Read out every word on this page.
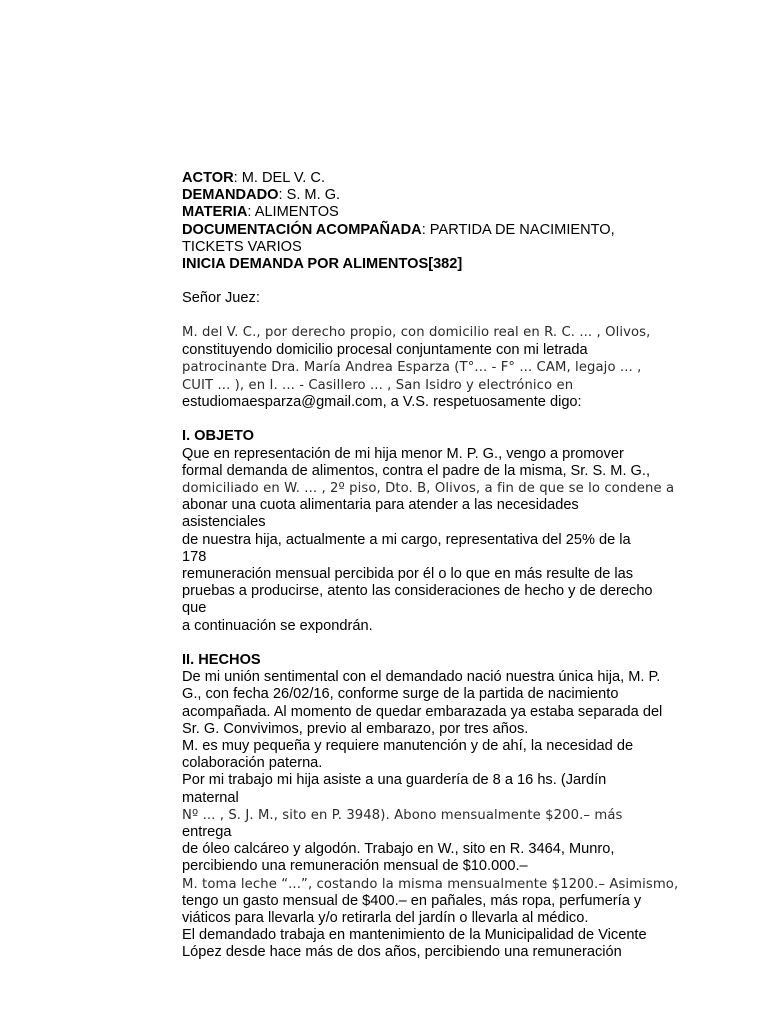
ACTOR: M. DEL V. C.
DEMANDADO: S. M. G.
MATERIA: ALIMENTOS
DOCUMENTACIÓN ACOMPAÑADA: PARTIDA DE NACIMIENTO,
TICKETS VARIOS
INICIA DEMANDA POR ALIMENTOS[382]
Señor Juez:
M. del V. C., por derecho propio, con domicilio real en R. C. ... , Olivos,
constituyendo domicilio procesal conjuntamente con mi letrada
patrocinante Dra. María Andrea Esparza (T°... - F° ... CAM, legajo ... ,
CUIT ... ), en I. ... - Casillero ... , San Isidro y electrónico en
estudiomaesparza@gmail.com, a V.S. respetuosamente digo:
I. OBJETO
Que en representación de mi hija menor M. P. G., vengo a promover
formal demanda de alimentos, contra el padre de la misma, Sr. S. M. G.,
domiciliado en W. ... , 2º piso, Dto. B, Olivos, a fin de que se lo condene a
abonar una cuota alimentaria para atender a las necesidades
asistenciales
de nuestra hija, actualmente a mi cargo, representativa del 25% de la
178
remuneración mensual percibida por él o lo que en más resulte de las
pruebas a producirse, atento las consideraciones de hecho y de derecho
que
a continuación se expondrán.
II. HECHOS
De mi unión sentimental con el demandado nació nuestra única hija, M. P.
G., con fecha 26/02/16, conforme surge de la partida de nacimiento
acompañada. Al momento de quedar embarazada ya estaba separada del
Sr. G. Convivimos, previo al embarazo, por tres años.
M. es muy pequeña y requiere manutención y de ahí, la necesidad de
colaboración paterna.
Por mi trabajo mi hija asiste a una guardería de 8 a 16 hs. (Jardín
maternal
Nº ... , S. J. M., sito en P. 3948). Abono mensualmente $200.– más
entrega
de óleo calcáreo y algodón. Trabajo en W., sito en R. 3464, Munro,
percibiendo una remuneración mensual de $10.000.–
M. toma leche “...”, costando la misma mensualmente $1200.– Asimismo,
tengo un gasto mensual de $400.– en pañales, más ropa, perfumería y
viáticos para llevarla y/o retirarla del jardín o llevarla al médico.
El demandado trabaja en mantenimiento de la Municipalidad de Vicente
López desde hace más de dos años, percibiendo una remuneración
